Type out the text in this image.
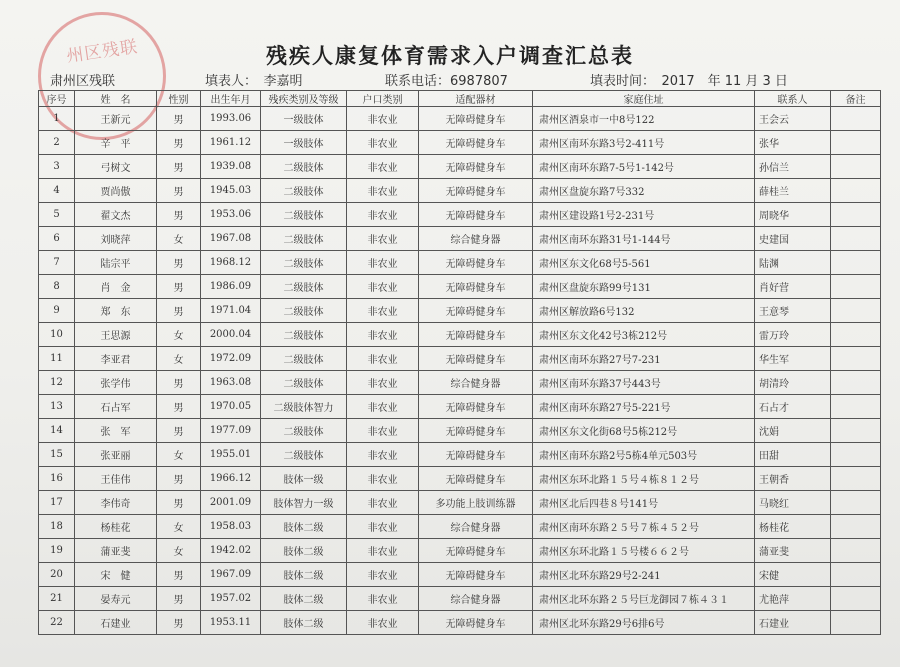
州区残联	残疾人康复体育需求入户调查汇总表
肃州区残联	填表人：　李嘉明	联系电话：6987807	填表时间：　2017　年 11 月 3 日
序号	姓　名	性别	出生年月	残疾类别及等级	户口类别	适配器材	家庭住址	联系人	备注
1	王新元	男	1993.06	一级肢体	非农业	无障碍健身车	肃州区酒泉市一中8号122	王会云	
2	辛　平	男	1961.12	一级肢体	非农业	无障碍健身车	肃州区南环东路3号2-411号	张华	
3	弓树文	男	1939.08	二级肢体	非农业	无障碍健身车	肃州区南环东路7-5号1-142号	孙信兰	
4	贾尚傲	男	1945.03	二级肢体	非农业	无障碍健身车	肃州区盘旋东路7号332	薛桂兰	
5	翟文杰	男	1953.06	二级肢体	非农业	无障碍健身车	肃州区建设路1号2-231号	周晓华	
6	刘晓萍	女	1967.08	二级肢体	非农业	综合健身器	肃州区南环东路31号1-144号	史建国	
7	陆宗平	男	1968.12	二级肢体	非农业	无障碍健身车	肃州区东文化68号5-561	陆渊	
8	肖　金	男	1986.09	二级肢体	非农业	无障碍健身车	肃州区盘旋东路99号131	肖好营	
9	郑　东	男	1971.04	二级肢体	非农业	无障碍健身车	肃州区解放路6号132	王意琴	
10	王思源	女	2000.04	二级肢体	非农业	无障碍健身车	肃州区东文化42号3栋212号	雷万玲	
11	李亚君	女	1972.09	二级肢体	非农业	无障碍健身车	肃州区南环东路27号7-231	华生军	
12	张学伟	男	1963.08	二级肢体	非农业	综合健身器	肃州区南环东路37号443号	胡清玲	
13	石占军	男	1970.05	二级肢体智力	非农业	无障碍健身车	肃州区南环东路27号5-221号	石占才	
14	张　军	男	1977.09	二级肢体	非农业	无障碍健身车	肃州区东文化街68号5栋212号	沈娟	
15	张亚丽	女	1955.01	二级肢体	非农业	无障碍健身车	肃州区南环东路2号5栋4单元503号	田甜	
16	王佳伟	男	1966.12	肢体一级	非农业	无障碍健身车	肃州区东环北路１５号４栋８１２号	王朝香	
17	李伟奇	男	2001.09	肢体智力一级	非农业	多功能上肢训练器	肃州区北后四巷８号141号	马晓红	
18	杨桂花	女	1958.03	肢体二级	非农业	综合健身器	肃州区南环东路２５号７栋４５２号	杨桂花	
19	蒲亚斐	女	1942.02	肢体二级	非农业	无障碍健身车	肃州区东环北路１５号楼６６２号	蒲亚斐	
20	宋　健	男	1967.09	肢体二级	非农业	无障碍健身车	肃州区北环东路29号2-241	宋健	
21	晏寿元	男	1957.02	肢体二级	非农业	综合健身器	肃州区北环东路２５号巨龙御园７栋４３１	尤艳萍	
22	石建业	男	1953.11	肢体二级	非农业	无障碍健身车	肃州区北环东路29号6排6号	石建业	
